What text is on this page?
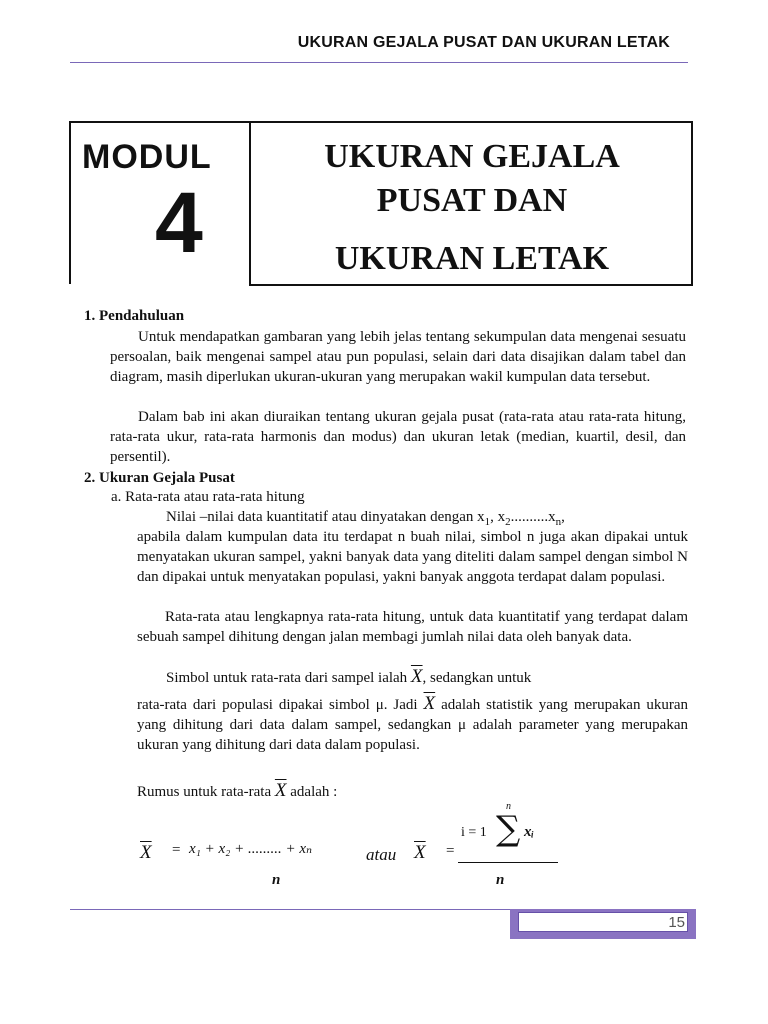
UKURAN GEJALA PUSAT DAN UKURAN LETAK
MODUL
4
UKURAN GEJALA
PUSAT DAN
UKURAN LETAK
1. Pendahuluan
Untuk mendapatkan gambaran yang lebih jelas tentang sekumpulan data mengenai sesuatu persoalan, baik mengenai sampel atau pun populasi, selain dari data disajikan dalam tabel dan diagram, masih diperlukan ukuran-ukuran yang merupakan wakil kumpulan data tersebut.
Dalam bab ini akan diuraikan tentang ukuran gejala pusat (rata-rata atau rata-rata hitung, rata-rata ukur, rata-rata harmonis dan modus) dan ukuran letak (median, kuartil, desil, dan persentil).
2. Ukuran Gejala Pusat
a. Rata-rata atau rata-rata hitung
Nilai –nilai data kuantitatif atau dinyatakan dengan $x_1$, $x_2..........x_n$,
apabila dalam kumpulan data itu terdapat n buah nilai, simbol n juga akan dipakai untuk menyatakan ukuran sampel, yakni banyak data yang diteliti dalam sampel dengan simbol N dan dipakai untuk menyatakan populasi, yakni banyak anggota terdapat dalam populasi.
Rata-rata atau lengkapnya rata-rata hitung, untuk data kuantitatif yang terdapat dalam sebuah sampel dihitung dengan jalan membagi jumlah nilai data oleh banyak data.
Simbol untuk rata-rata dari sampel ialah $\overline{X}$, sedangkan untuk
rata-rata dari populasi dipakai simbol μ. Jadi $\overline{X}$ adalah statistik yang merupakan ukuran yang dihitung dari data dalam sampel, sedangkan μ adalah parameter yang merupakan ukuran yang dihitung dari data dalam populasi.
Rumus untuk rata-rata $\overline{X}$ adalah :
$\overline{X} = x_1 + x_2$ + ......... + xₙ
n
atau $\overline{X}$ =
n
i = 1 ∑ xᵢ
n
15
